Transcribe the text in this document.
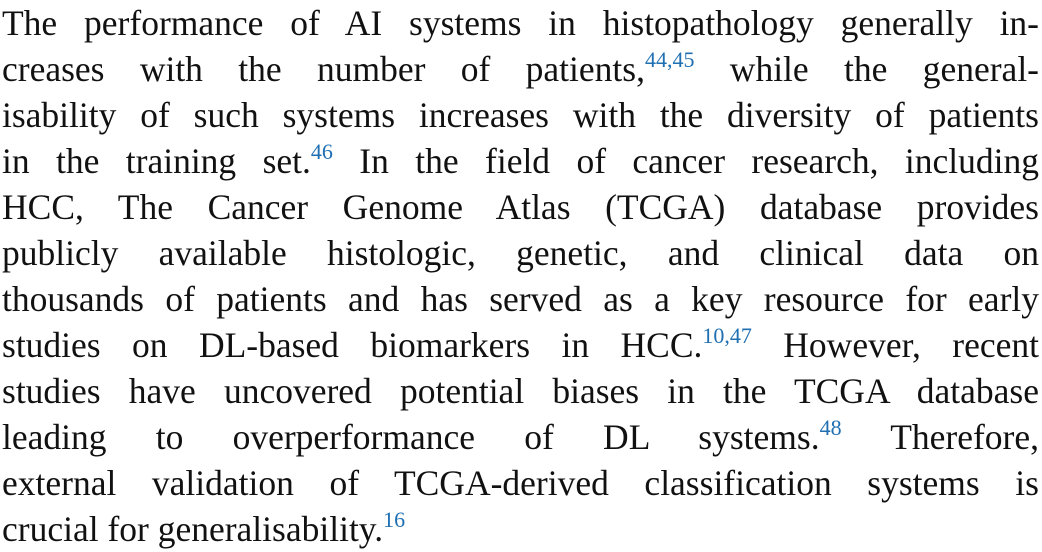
The performance of AI systems in histopathology generally in-
creases with the number of patients,$^{44,45}$ while the general-
isability of such systems increases with the diversity of patients
in the training set.$^{46}$ In the field of cancer research, including
HCC, The Cancer Genome Atlas (TCGA) database provides
publicly available histologic, genetic, and clinical data on
thousands of patients and has served as a key resource for early
studies on DL-based biomarkers in HCC.$^{10,47}$ However, recent
studies have uncovered potential biases in the TCGA database
leading to overperformance of DL systems.$^{48}$ Therefore,
external validation of TCGA-derived classification systems is
crucial for generalisability.$^{16}$
